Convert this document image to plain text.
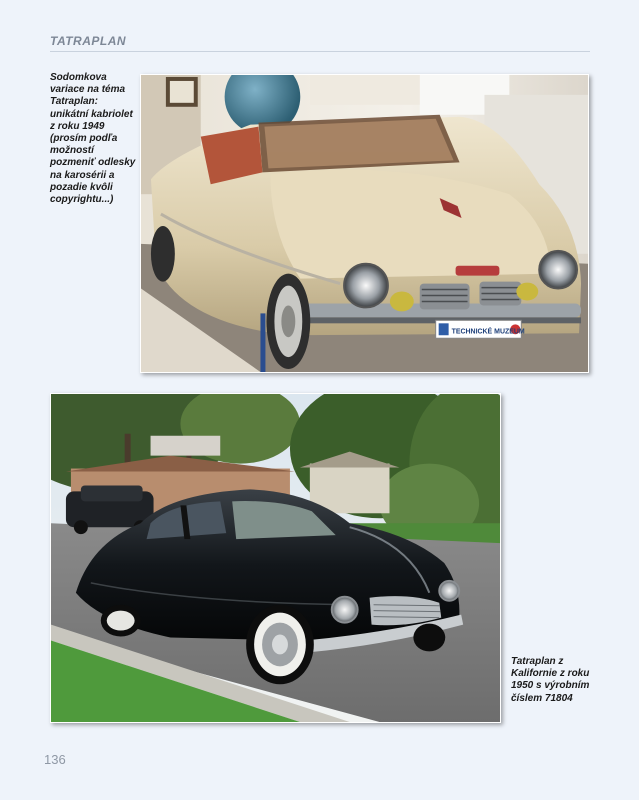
TATRAPLAN
Sodomkova variace na téma Tatraplan: unikátní kabriolet z roku 1949 (prosím podľa možností pozmeniť odlesky na karosérii a pozadie kvôli copyrightu...)
TECHNICKÉ MUZEUM
Tatraplan z Kalifornie z roku 1950 s výrobním číslem 71804
136
